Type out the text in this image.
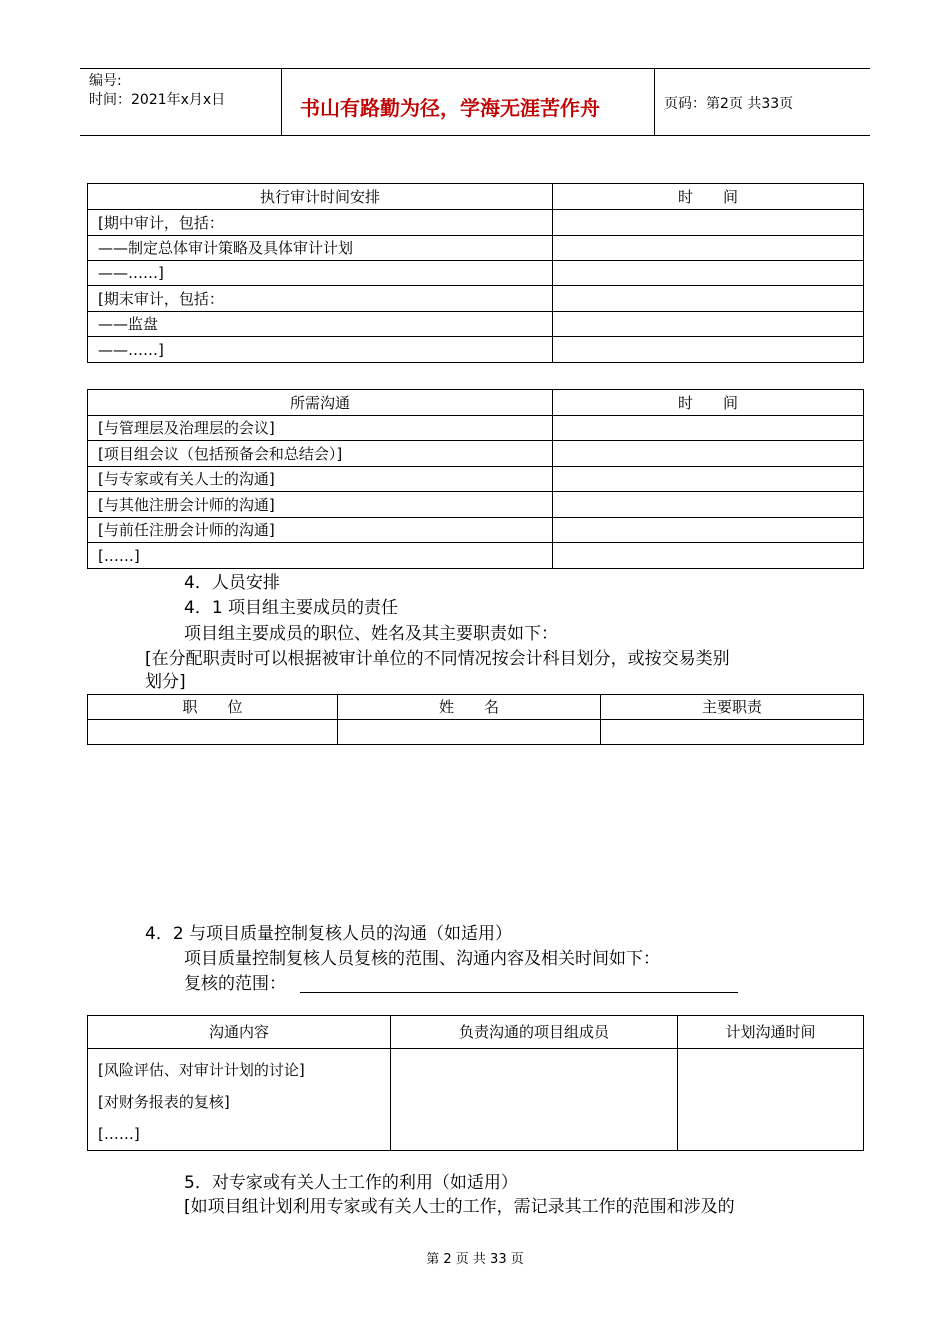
编号:
时间：2021年x月x日	书山有路勤为径，学海无涯苦作舟	页码：第2页 共33页
执行审计时间安排	时　　间
[期中审计，包括：	
——制定总体审计策略及具体审计计划	
——……]	
[期末审计，包括：	
——监盘	
——……]	
所需沟通	时　　间
[与管理层及治理层的会议]	
[项目组会议（包括预备会和总结会）]	
[与专家或有关人士的沟通]	
[与其他注册会计师的沟通]	
[与前任注册会计师的沟通]	
[……]	
4．人员安排
4．1 项目组主要成员的责任
项目组主要成员的职位、姓名及其主要职责如下：
[在分配职责时可以根据被审计单位的不同情况按会计科目划分，或按交易类别
划分]
职　　位	姓　　名	主要职责

4．2 与项目质量控制复核人员的沟通（如适用）
项目质量控制复核人员复核的范围、沟通内容及相关时间如下：
复核的范围：
沟通内容	负责沟通的项目组成员	计划沟通时间

[风险评估、对审计计划的讨论]
[对财务报表的复核]
[……]		

5．对专家或有关人士工作的利用（如适用）
[如项目组计划利用专家或有关人士的工作，需记录其工作的范围和涉及的
第 2 页 共 33 页
